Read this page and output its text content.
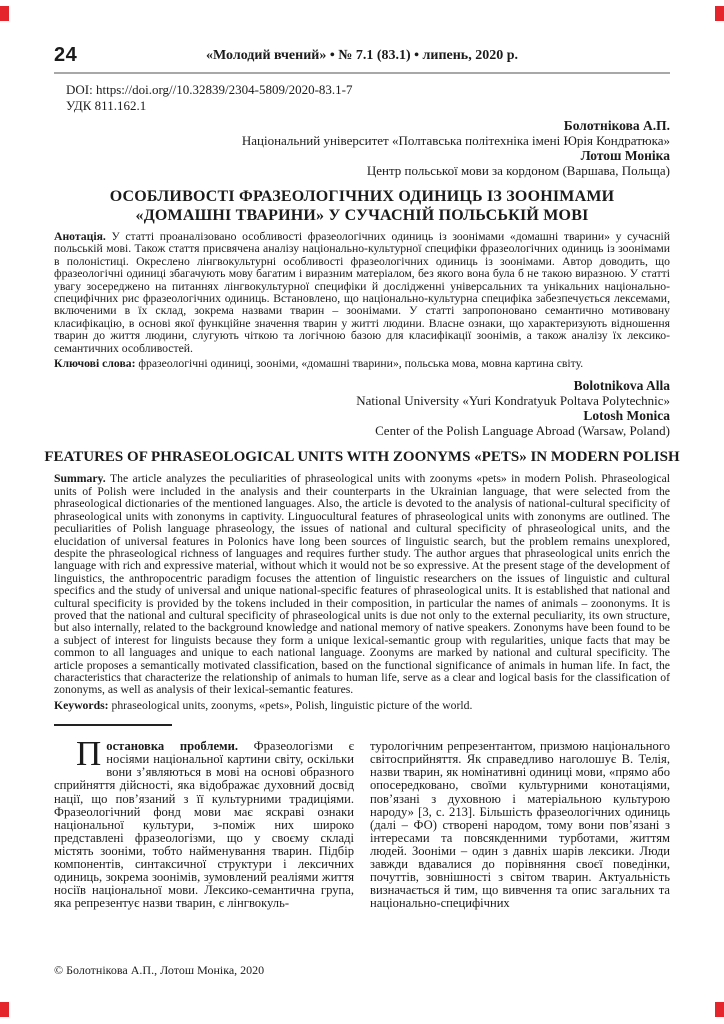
24	«Молодий вчений» • № 7.1 (83.1) • липень, 2020 р.
DOI: https://doi.org//10.32839/2304-5809/2020-83.1-7
УДК 811.162.1
Болотнікова А.П.
Національний університет «Полтавська політехніка імені Юрія Кондратюка»
Лотош Моніка
Центр польської мови за кордоном (Варшава, Польща)
ОСОБЛИВОСТІ ФРАЗЕОЛОГІЧНИХ ОДИНИЦЬ ІЗ ЗООНІМАМИ
«ДОМАШНІ ТВАРИНИ» У СУЧАСНІЙ ПОЛЬСЬКІЙ МОВІ

Анотація. У статті проаналізовано особливості фразеологічних одиниць із зоонімами «домашні тварини» у сучасній польській мові. Також стаття присвячена аналізу національно-культурної специфіки фразеологічних одиниць із зоонімами в полоністиці. Окреслено лінгвокультурні особливості фразеологічних одиниць із зоонімами. Автор доводить, що фразеологічні одиниці збагачують мову багатим і виразним матеріалом, без якого вона була б не такою виразною. У статті увагу зосереджено на питаннях лінгвокультурної специфіки й дослідженні універсальних та унікальних національно-специфічних рис фразеологічних одиниць. Встановлено, що національно-культурна специфіка забезпечується лексемами, включеними в їх склад, зокрема назвами тварин – зоонімами. У статті запропоновано семантично мотивовану класифікацію, в основі якої функційне значення тварин у житті людини. Власне ознаки, що характеризують відношення тварин до життя людини, слугують чіткою та логічною базою для класифікації зоонімів, а також аналізу їх лексико-семантичних особливостей.

Ключові слова: фразеологічні одиниці, зооніми, «домашні тварини», польська мова, мовна картина світу.

Bolotnikova Alla
National University «Yuri Kondratyuk Poltava Polytechnic»
Lotosh Monica
Center of the Polish Language Abroad (Warsaw, Poland)
FEATURES OF PHRASEOLOGICAL UNITS WITH ZOONYMS «PETS» IN MODERN POLISH

Summary. The article analyzes the peculiarities of phraseological units with zoonyms «pets» in modern Polish. Phraseological units of Polish were included in the analysis and their counterparts in the Ukrainian language, that were selected from the phraseological dictionaries of the mentioned languages. Also, the article is devoted to the analysis of national-cultural specificity of phraseological units with zononyms in captivity. Linguocultural features of phraseological units with zononyms are outlined. The peculiarities of Polish language phraseology, the issues of national and cultural specificity of phraseological units, and the elucidation of universal features in Polonics have long been sources of linguistic search, but the problem remains unexplored, despite the phraseological richness of languages and requires further study. The author argues that phraseological units enrich the language with rich and expressive material, without which it would not be so expressive. At the present stage of the development of linguistics, the anthropocentric paradigm focuses the attention of linguistic researchers on the issues of linguistic and cultural specifics and the study of universal and unique national-specific features of phraseological units. It is established that national and cultural specificity is provided by the tokens included in their composition, in particular the names of animals – zoononyms. It is proved that the national and cultural specificity of phraseological units is due not only to the external peculiarity, its own structure, but also internally, related to the background knowledge and national memory of native speakers. Zononyms have been found to be a subject of interest for linguists because they form a unique lexical-semantic group with regularities, unique facts that may be common to all languages and unique to each national language. Zoonyms are marked by national and cultural specificity. The article proposes a semantically motivated classification, based on the functional significance of animals in human life. In fact, the characteristics that characterize the relationship of animals to human life, serve as a clear and logical basis for the classification of zononyms, as well as analysis of their lexical-semantic features.

Keywords: phraseological units, zoonyms, «pets», Polish, linguistic picture of the world.

Постановка проблеми. Фразеологізми є носіями національної картини світу, оскільки вони з’являються в мові на основі образного сприйняття дійсності, яка відображає духовний досвід нації, що пов’язаний з її культурними традиціями. Фразеологічний фонд мови має яскраві ознаки національної культури, з-поміж них широко представлені фразеологізми, що у своєму складі містять зооніми, тобто найменування тварин. Підбір компонентів, синтаксичної структури і лексичних одиниць, зокрема зоонімів, зумовлений реаліями життя носіїв національної мови. Лексико-семантична група, яка репрезентує назви тварин, є лінгвокуль-
турологічним репрезентантом, призмою національного світосприйняття. Як справедливо наголошує В. Телія, назви тварин, як номінативні одиниці мови, «прямо або опосередковано, своїми культурними конотаціями, пов’язані з духовною і матеріальною культурою народу» [3, с. 213]. Більшість фразеологічних одиниць (далі – ФО) створені народом, тому вони пов’язані з інтересами та повсякденними турботами, життям людей. Зооніми – один з давніх шарів лексики. Люди завжди вдавалися до порівняння своєї поведінки, почуттів, зовнішності з світом тварин. Актуальність визначається й тим, що вивчення та опис загальних та національно-специфічних
© Болотнікова А.П., Лотош Моніка, 2020
